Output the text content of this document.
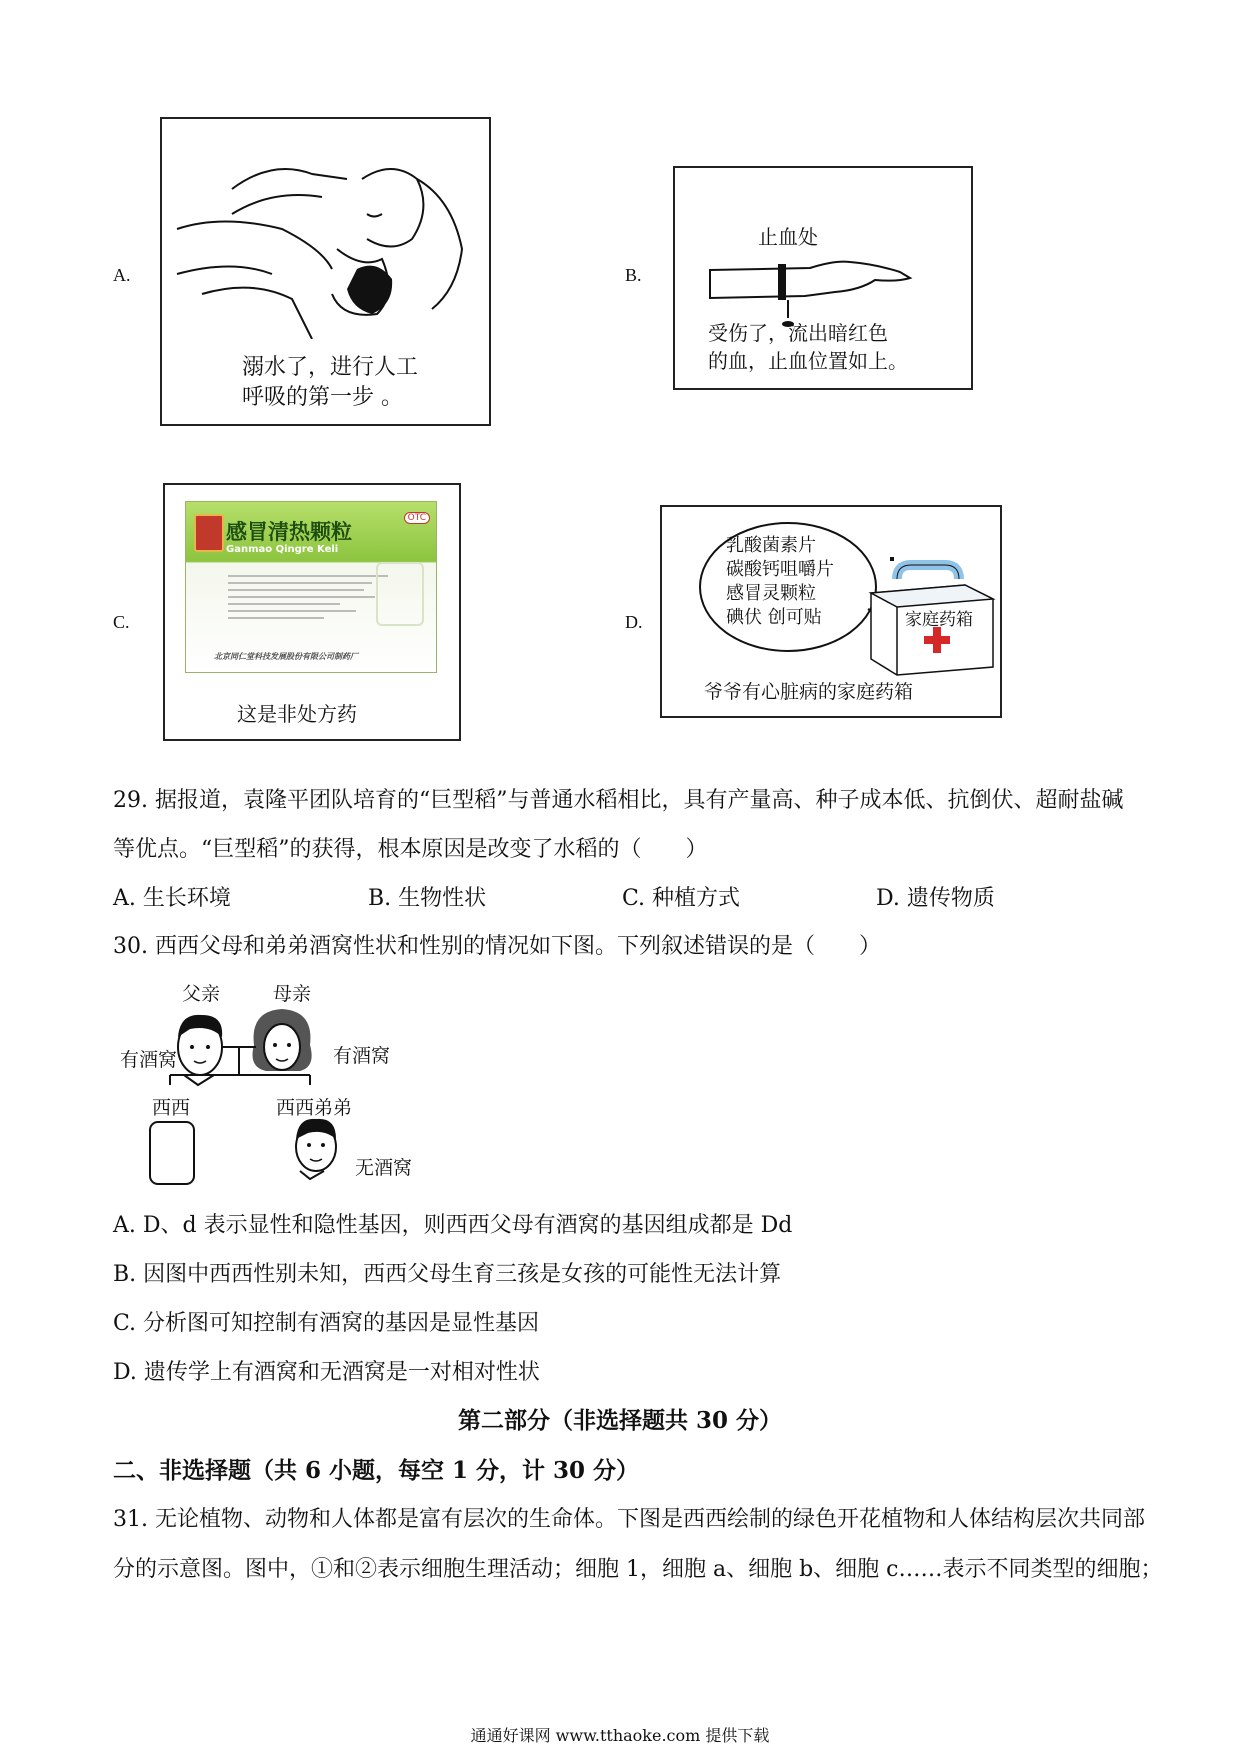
A.
溺水了，进行人工
呼吸的第一步 。
B.
止血处
受伤了，流出暗红色
的血，止血位置如上。
C.
感冒清热颗粒
OTC
Ganmao Qingre Keli
北京同仁堂科技发展股份有限公司制药厂
这是非处方药
D.
乳酸菌素片
碳酸钙咀嚼片
感冒灵颗粒
碘伏 创可贴	家庭药箱
爷爷有心脏病的家庭药箱
29. 据报道，袁隆平团队培育的“巨型稻”与普通水稻相比，具有产量高、种子成本低、抗倒伏、超耐盐碱
等优点。“巨型稻”的获得，根本原因是改变了水稻的（　　）
A. 生长环境	B. 生物性状	C. 种植方式	D. 遗传物质
30. 西西父母和弟弟酒窝性状和性别的情况如下图。下列叙述错误的是（　　）
父亲	母亲
有酒窝	有酒窝
西西	西西弟弟
无酒窝
A. D、d 表示显性和隐性基因，则西西父母有酒窝的基因组成都是 Dd
B. 因图中西西性别未知，西西父母生育三孩是女孩的可能性无法计算
C. 分析图可知控制有酒窝的基因是显性基因
D. 遗传学上有酒窝和无酒窝是一对相对性状
第二部分（非选择题共 30 分）
二、非选择题（共 6 小题，每空 1 分，计 30 分）
31. 无论植物、动物和人体都是富有层次的生命体。下图是西西绘制的绿色开花植物和人体结构层次共同部
分的示意图。图中，①和②表示细胞生理活动；细胞 1，细胞 a、细胞 b、细胞 c……表示不同类型的细胞；
通通好课网 www.tthaoke.com 提供下载
